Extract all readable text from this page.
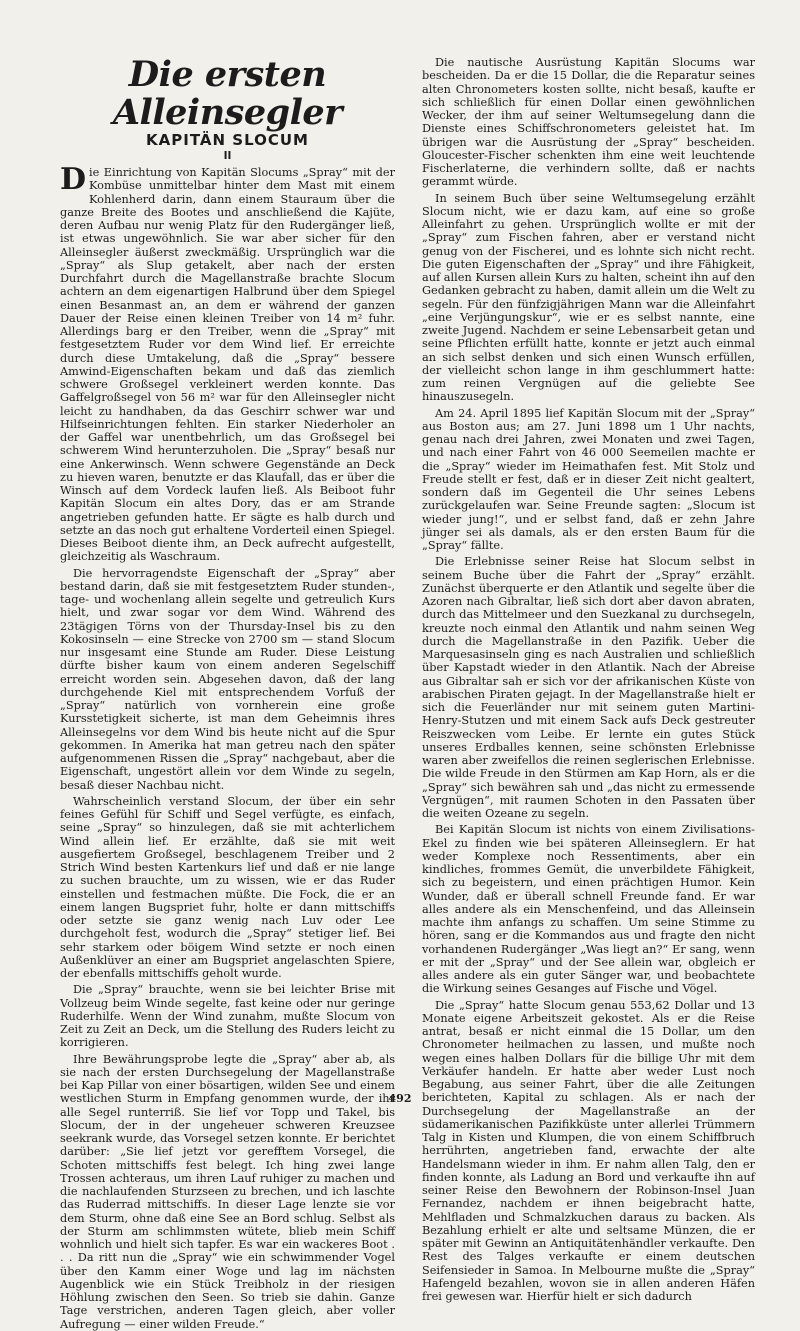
Die ersten Alleinsegler
KAPITÄN SLOCUM
II

Die Einrichtung von Kapitän Slocums „Spray“ mit der Kombüse unmittelbar hinter dem Mast mit einem Kohlenherd darin, dann einem Stauraum über die ganze Breite des Bootes und anschließend die Kajüte, deren Aufbau nur wenig Platz für den Rudergänger ließ, ist etwas ungewöhnlich. Sie war aber sicher für den Alleinsegler äußerst zweckmäßig. Ursprünglich war die „Spray“ als Slup getakelt, aber nach der ersten Durchfahrt durch die Magellanstraße brachte Slocum achtern an dem eigenartigen Halbrund über dem Spiegel einen Besanmast an, an dem er während der ganzen Dauer der Reise einen kleinen Treiber von 14 m² fuhr. Allerdings barg er den Treiber, wenn die „Spray“ mit festgesetztem Ruder vor dem Wind lief. Er erreichte durch diese Umtakelung, daß die „Spray“ bessere Amwind-Eigenschaften bekam und daß das ziemlich schwere Großsegel verkleinert werden konnte. Das Gaffelgroßsegel von 56 m² war für den Alleinsegler nicht leicht zu handhaben, da das Geschirr schwer war und Hilfseinrichtungen fehlten. Ein starker Niederholer an der Gaffel war unentbehrlich, um das Großsegel bei schwerem Wind herunterzuholen. Die „Spray“ besaß nur eine Ankerwinsch. Wenn schwere Gegenstände an Deck zu hieven waren, benutzte er das Klaufall, das er über die Winsch auf dem Vordeck laufen ließ. Als Beiboot fuhr Kapitän Slocum ein altes Dory, das er am Strande angetrieben gefunden hatte. Er sägte es halb durch und setzte an das noch gut erhaltene Vorderteil einen Spiegel. Dieses Beiboot diente ihm, an Deck aufrecht aufgestellt, gleichzeitig als Waschraum.

Die hervorragendste Eigenschaft der „Spray“ aber bestand darin, daß sie mit festgesetztem Ruder stunden-, tage- und wochenlang allein segelte und getreulich Kurs hielt, und zwar sogar vor dem Wind. Während des 23tägigen Törns von der Thursday-Insel bis zu den Kokosinseln — eine Strecke von 2700 sm — stand Slocum nur insgesamt eine Stunde am Ruder. Diese Leistung dürfte bisher kaum von einem anderen Segelschiff erreicht worden sein. Abgesehen davon, daß der lang durchgehende Kiel mit entsprechendem Vorfuß der „Spray“ natürlich von vornherein eine große Kursstetigkeit sicherte, ist man dem Geheimnis ihres Alleinsegelns vor dem Wind bis heute nicht auf die Spur gekommen. In Amerika hat man getreu nach den später aufgenommenen Rissen die „Spray“ nachgebaut, aber die Eigenschaft, ungestört allein vor dem Winde zu segeln, besaß dieser Nachbau nicht.

Wahrscheinlich verstand Slocum, der über ein sehr feines Gefühl für Schiff und Segel verfügte, es einfach, seine „Spray“ so hinzulegen, daß sie mit achterlichem Wind allein lief. Er erzählte, daß sie mit weit ausgefiertem Großsegel, beschlagenem Treiber und 2 Strich Wind besten Kartenkurs lief und daß er nie lange zu suchen brauchte, um zu wissen, wie er das Ruder einstellen und festmachen müßte. Die Fock, die er an einem langen Bugspriet fuhr, holte er dann mittschiffs oder setzte sie ganz wenig nach Luv oder Lee durchgeholt fest, wodurch die „Spray“ stetiger lief. Bei sehr starkem oder böigem Wind setzte er noch einen Außenklüver an einer am Bugspriet angelaschten Spiere, der ebenfalls mittschiffs geholt wurde.

Die „Spray“ brauchte, wenn sie bei leichter Brise mit Vollzeug beim Winde segelte, fast keine oder nur geringe Ruderhilfe. Wenn der Wind zunahm, mußte Slocum von Zeit zu Zeit an Deck, um die Stellung des Ruders leicht zu korrigieren.

Ihre Bewährungsprobe legte die „Spray“ aber ab, als sie nach der ersten Durchsegelung der Magellanstraße bei Kap Pillar von einer bösartigen, wilden See und einem westlichen Sturm in Empfang genommen wurde, der ihr alle Segel runterriß. Sie lief vor Topp und Takel, bis Slocum, der in der ungeheuer schweren Kreuzsee seekrank wurde, das Vorsegel setzen konnte. Er berichtet darüber: „Sie lief jetzt vor gerefftem Vorsegel, die Schoten mittschiffs fest belegt. Ich hing zwei lange Trossen achteraus, um ihren Lauf ruhiger zu machen und die nachlaufenden Sturzseen zu brechen, und ich laschte das Ruderrad mittschiffs. In dieser Lage lenzte sie vor dem Sturm, ohne daß eine See an Bord schlug. Selbst als der Sturm am schlimmsten wütete, blieb mein Schiff wohnlich und hielt sich tapfer. Es war ein wackeres Boot . . . Da ritt nun die „Spray“ wie ein schwimmender Vogel über den Kamm einer Woge und lag im nächsten Augenblick wie ein Stück Treibholz in der riesigen Höhlung zwischen den Seen. So trieb sie dahin. Ganze Tage verstrichen, anderen Tagen gleich, aber voller Aufregung — einer wilden Freude.“

Die nautische Ausrüstung Kapitän Slocums war bescheiden. Da er die 15 Dollar, die die Reparatur seines alten Chronometers kosten sollte, nicht besaß, kaufte er sich schließlich für einen Dollar einen gewöhnlichen Wecker, der ihm auf seiner Weltumsegelung dann die Dienste eines Schiffschronometers geleistet hat. Im übrigen war die Ausrüstung der „Spray“ bescheiden. Gloucester-Fischer schenkten ihm eine weit leuchtende Fischerlaterne, die verhindern sollte, daß er nachts gerammt würde.

In seinem Buch über seine Weltumsegelung erzählt Slocum nicht, wie er dazu kam, auf eine so große Alleinfahrt zu gehen. Ursprünglich wollte er mit der „Spray“ zum Fischen fahren, aber er verstand nicht genug von der Fischerei, und es lohnte sich nicht recht. Die guten Eigenschaften der „Spray“ und ihre Fähigkeit, auf allen Kursen allein Kurs zu halten, scheint ihn auf den Gedanken gebracht zu haben, damit allein um die Welt zu segeln. Für den fünfzigjährigen Mann war die Alleinfahrt „eine Verjüngungskur“, wie er es selbst nannte, eine zweite Jugend. Nachdem er seine Lebensarbeit getan und seine Pflichten erfüllt hatte, konnte er jetzt auch einmal an sich selbst denken und sich einen Wunsch erfüllen, der vielleicht schon lange in ihm geschlummert hatte: zum reinen Vergnügen auf die geliebte See hinauszusegeln.

Am 24. April 1895 lief Kapitän Slocum mit der „Spray“ aus Boston aus; am 27. Juni 1898 um 1 Uhr nachts, genau nach drei Jahren, zwei Monaten und zwei Tagen, und nach einer Fahrt von 46 000 Seemeilen machte er die „Spray“ wieder im Heimathafen fest. Mit Stolz und Freude stellt er fest, daß er in dieser Zeit nicht gealtert, sondern daß im Gegenteil die Uhr seines Lebens zurückgelaufen war. Seine Freunde sagten: „Slocum ist wieder jung!“, und er selbst fand, daß er zehn Jahre jünger sei als damals, als er den ersten Baum für die „Spray“ fällte.

Die Erlebnisse seiner Reise hat Slocum selbst in seinem Buche über die Fahrt der „Spray“ erzählt. Zunächst überquerte er den Atlantik und segelte über die Azoren nach Gibraltar, ließ sich dort aber davon abraten, durch das Mittelmeer und den Suezkanal zu durchsegeln, kreuzte noch einmal den Atlantik und nahm seinen Weg durch die Magellanstraße in den Pazifik. Ueber die Marquesasinseln ging es nach Australien und schließlich über Kapstadt wieder in den Atlantik. Nach der Abreise aus Gibraltar sah er sich vor der afrikanischen Küste von arabischen Piraten gejagt. In der Magellanstraße hielt er sich die Feuerländer nur mit seinem guten Martini-Henry-Stutzen und mit einem Sack aufs Deck gestreuter Reiszwecken vom Leibe. Er lernte ein gutes Stück unseres Erdballes kennen, seine schönsten Erlebnisse waren aber zweifellos die reinen seglerischen Erlebnisse. Die wilde Freude in den Stürmen am Kap Horn, als er die „Spray“ sich bewähren sah und „das nicht zu ermessende Vergnügen“, mit raumen Schoten in den Passaten über die weiten Ozeane zu segeln.

Bei Kapitän Slocum ist nichts von einem Zivilisations-Ekel zu finden wie bei späteren Alleinseglern. Er hat weder Komplexe noch Ressentiments, aber ein kindliches, frommes Gemüt, die unverbildete Fähigkeit, sich zu begeistern, und einen prächtigen Humor. Kein Wunder, daß er überall schnell Freunde fand. Er war alles andere als ein Menschenfeind, und das Alleinsein machte ihm anfangs zu schaffen. Um seine Stimme zu hören, sang er die Kommandos aus und fragte den nicht vorhandenen Rudergänger „Was liegt an?“ Er sang, wenn er mit der „Spray“ und der See allein war, obgleich er alles andere als ein guter Sänger war, und beobachtete die Wirkung seines Gesanges auf Fische und Vögel.

Die „Spray“ hatte Slocum genau 553,62 Dollar und 13 Monate eigene Arbeitszeit gekostet. Als er die Reise antrat, besaß er nicht einmal die 15 Dollar, um den Chronometer heilmachen zu lassen, und mußte noch wegen eines halben Dollars für die billige Uhr mit dem Verkäufer handeln. Er hatte aber weder Lust noch Begabung, aus seiner Fahrt, über die alle Zeitungen berichteten, Kapital zu schlagen. Als er nach der Durchsegelung der Magellanstraße an der südamerikanischen Pazifikküste unter allerlei Trümmern Talg in Kisten und Klumpen, die von einem Schiffbruch herrührten, angetrieben fand, erwachte der alte Handelsmann wieder in ihm. Er nahm allen Talg, den er finden konnte, als Ladung an Bord und verkaufte ihn auf seiner Reise den Bewohnern der Robinson-Insel Juan Fernandez, nachdem er ihnen beigebracht hatte, Mehlfladen und Schmalzkuchen daraus zu backen. Als Bezahlung erhielt er alte und seltsame Münzen, die er später mit Gewinn an Antiquitätenhändler verkaufte. Den Rest des Talges verkaufte er einem deutschen Seifensieder in Samoa. In Melbourne mußte die „Spray“ Hafengeld bezahlen, wovon sie in allen anderen Häfen frei gewesen war. Hierfür hielt er sich dadurch

492
